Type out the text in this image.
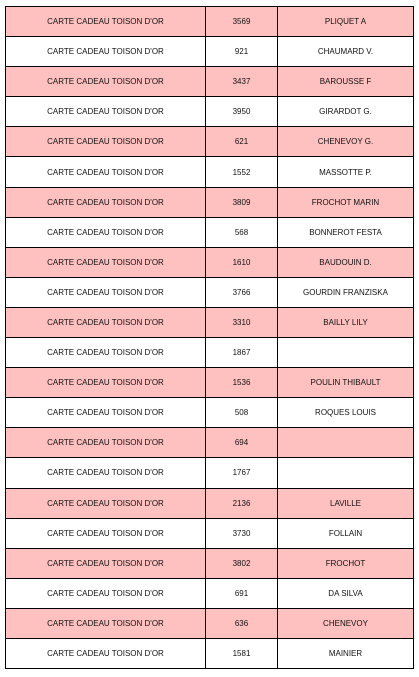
CARTE CADEAU TOISON D'OR	3569	PLIQUET A
CARTE CADEAU TOISON D'OR	921	CHAUMARD V.
CARTE CADEAU TOISON D'OR	3437	BAROUSSE F
CARTE CADEAU TOISON D'OR	3950	GIRARDOT G.
CARTE CADEAU TOISON D'OR	621	CHENEVOY G.
CARTE CADEAU TOISON D'OR	1552	MASSOTTE P.
CARTE CADEAU TOISON D'OR	3809	FROCHOT MARIN
CARTE CADEAU TOISON D'OR	568	BONNEROT FESTA
CARTE CADEAU TOISON D'OR	1610	BAUDOUIN D.
CARTE CADEAU TOISON D'OR	3766	GOURDIN FRANZISKA
CARTE CADEAU TOISON D'OR	3310	BAILLY LILY
CARTE CADEAU TOISON D'OR	1867
CARTE CADEAU TOISON D'OR	1536	POULIN THIBAULT
CARTE CADEAU TOISON D'OR	508	ROQUES LOUIS
CARTE CADEAU TOISON D'OR	694
CARTE CADEAU TOISON D'OR	1767
CARTE CADEAU TOISON D'OR	2136	LAVILLE
CARTE CADEAU TOISON D'OR	3730	FOLLAIN
CARTE CADEAU TOISON D'OR	3802	FROCHOT
CARTE CADEAU TOISON D'OR	691	DA SILVA
CARTE CADEAU TOISON D'OR	636	CHENEVOY
CARTE CADEAU TOISON D'OR	1581	MAINIER
